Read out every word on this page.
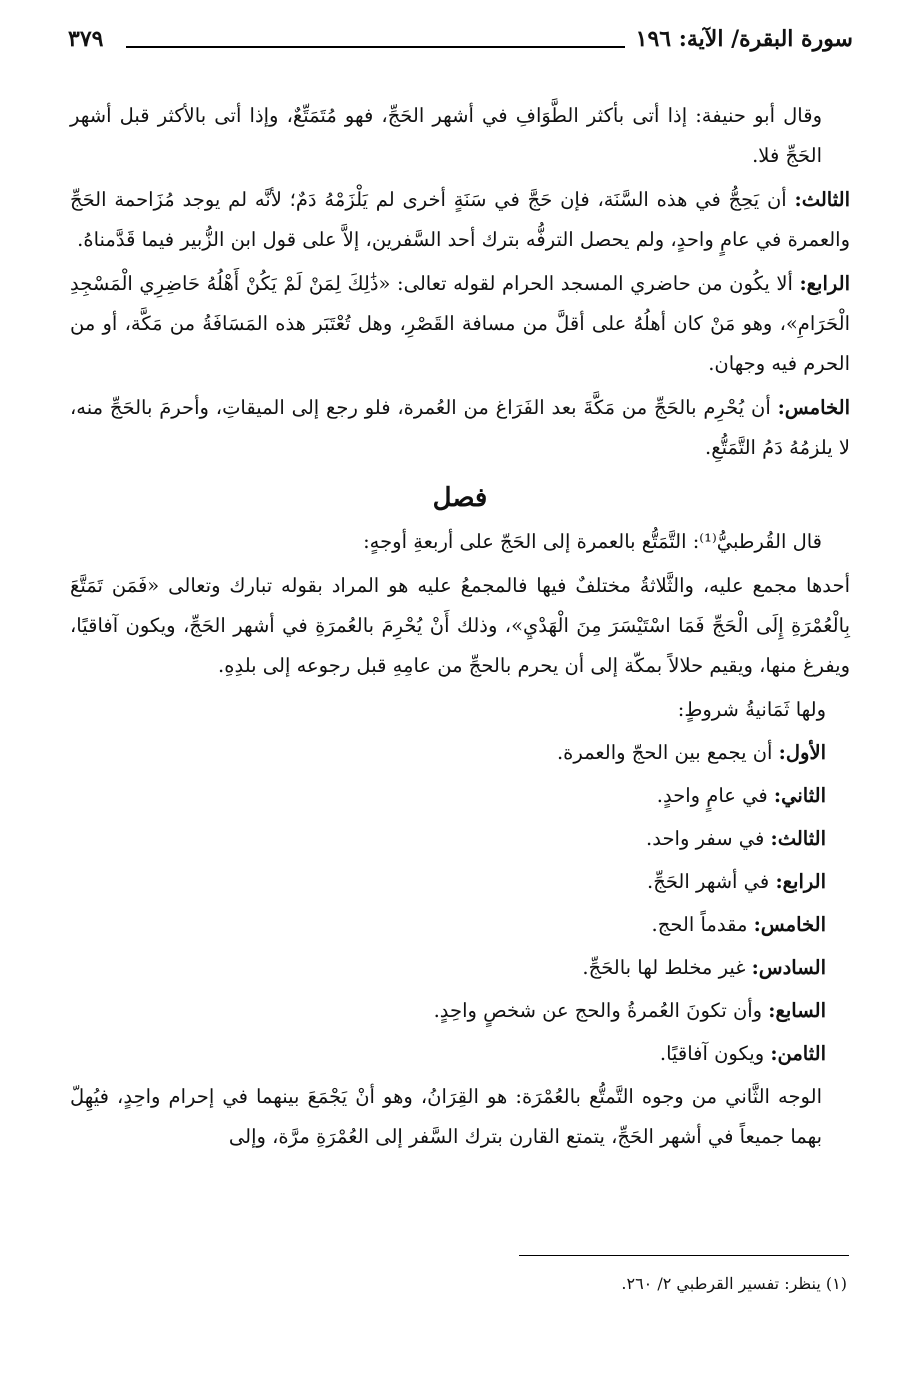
سورة البقرة/ الآية: ١٩٦
٣٧٩

وقال أبو حنيفة: إذا أتى بأكثر الطَّوَافِ في أشهر الحَجِّ، فهو مُتَمَتِّعٌ، وإذا أتى بالأكثر قبل أشهر الحَجِّ فلا.

الثالث: أن يَحِجُّ في هذه السَّنَة، فإن حَجَّ في سَنَةٍ أخرى لم يَلْزَمْهُ دَمٌ؛ لأنَّه لم يوجد مُزَاحمة الحَجِّ والعمرة في عامٍ واحدٍ، ولم يحصل الترفُّه بترك أحد السَّفرين، إلاَّ على قول ابن الزُّبير فيما قَدَّمناهُ.

الرابع: ألا يكُون من حاضري المسجد الحرام لقوله تعالى: «ذَٰلِكَ لِمَنْ لَمْ يَكُنْ أَهْلُهُ حَاضِرِي الْمَسْجِدِ الْحَرَامِ»، وهو مَنْ كان أهلُهُ على أقلَّ من مسافة القَصْرِ، وهل تُعْتَبَر هذه المَسَافَةُ من مَكَّة، أو من الحرم فيه وجهان.

الخامس: أن يُحْرِم بالحَجِّ من مَكَّةَ بعد الفَرَاغ من العُمرة، فلو رجع إلى الميقاتِ، وأحرمَ بالحَجِّ منه، لا يلزمُهُ دَمُ التَّمَتُّعِ.

فصل

قال القُرطبيُّ⁽¹⁾: التَّمَتُّع بالعمرة إلى الحَجّ على أربعةِ أوجهٍ:

أحدها مجمع عليه، والثَّلاثةُ مختلفٌ فيها فالمجمعُ عليه هو المراد بقوله تبارك وتعالى «فَمَن تَمَتَّعَ بِالْعُمْرَةِ إِلَى الْحَجِّ فَمَا اسْتَيْسَرَ مِنَ الْهَدْيِ»، وذلك أَنْ يُحْرِمَ بالعُمرَةِ في أشهر الحَجِّ، ويكون آفاقيًا، ويفرغ منها، ويقيم حلالاً بمكّة إلى أن يحرم بالحجِّ من عامِهِ قبل رجوعه إلى بلدِهِ.

ولها ثَمَانيةُ شروطٍ:

الأول: أن يجمع بين الحجّ والعمرة.

الثاني: في عامٍ واحدٍ.

الثالث: في سفر واحد.

الرابع: في أشهر الحَجِّ.

الخامس: مقدماً الحج.

السادس: غير مخلط لها بالحَجِّ.

السابع: وأن تكونَ العُمرةُ والحج عن شخصٍ واحِدٍ.

الثامن: ويكون آفاقيًا.

الوجه الثَّاني من وجوه التَّمتُّع بالعُمْرَة: هو القِرَانُ، وهو أنْ يَجْمَعَ بينهما في إحرام واحِدٍ، فيُهِلّ بهما جميعاً في أشهر الحَجِّ، يتمتع القارن بترك السَّفر إلى العُمْرَةِ مرَّة، وإلى

(١) ينظر: تفسير القرطبي ٢/ ٢٦٠.
